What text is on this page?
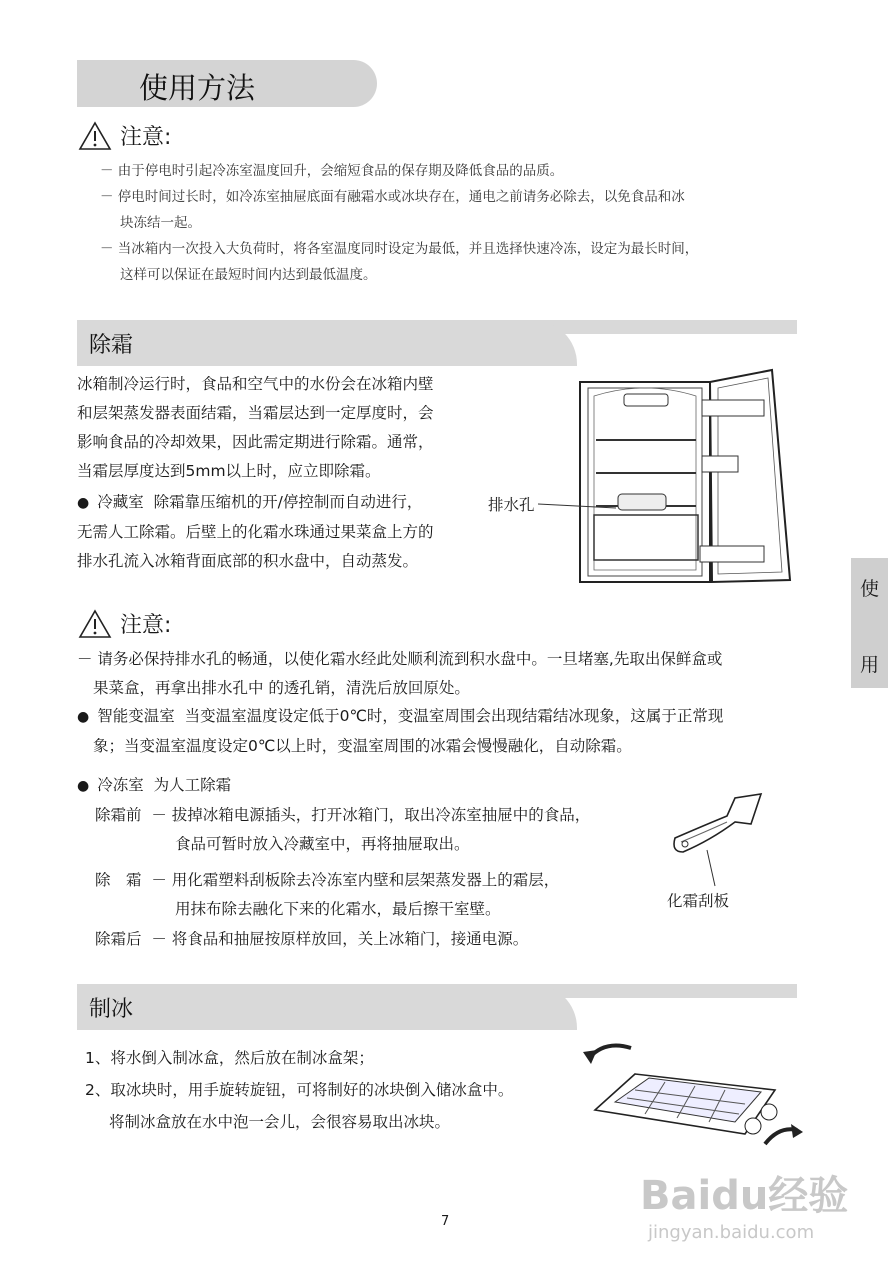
使用方法
注意:
－ 由于停电时引起冷冻室温度回升，会缩短食品的保存期及降低食品的品质。
－ 停电时间过长时，如冷冻室抽屉底面有融霜水或冰块存在，通电之前请务必除去，以免食品和冰
块冻结一起。
－ 当冰箱内一次投入大负荷时，将各室温度同时设定为最低，并且选择快速冷冻，设定为最长时间，
这样可以保证在最短时间内达到最低温度。
除霜
冰箱制冷运行时，食品和空气中的水份会在冰箱内壁
和层架蒸发器表面结霜，当霜层达到一定厚度时，会
影响食品的冷却效果，因此需定期进行除霜。通常，
当霜层厚度达到5mm以上时，应立即除霜。
● 冷藏室 除霜靠压缩机的开/停控制而自动进行，
无需人工除霜。后壁上的化霜水珠通过果菜盒上方的
排水孔流入冰箱背面底部的积水盘中，自动蒸发。
排水孔
注意:
－ 请务必保持排水孔的畅通，以使化霜水经此处顺利流到积水盘中。一旦堵塞,先取出保鲜盒或
果菜盒，再拿出排水孔中 的透孔销，清洗后放回原处。
● 智能变温室 当变温室温度设定低于0℃时，变温室周围会出现结霜结冰现象，这属于正常现
象；当变温室温度设定0℃以上时，变温室周围的冰霜会慢慢融化，自动除霜。
● 冷冻室 为人工除霜
除霜前 － 拔掉冰箱电源插头，打开冰箱门，取出冷冻室抽屉中的食品，
食品可暂时放入冷藏室中，再将抽屉取出。
除　霜 － 用化霜塑料刮板除去冷冻室内壁和层架蒸发器上的霜层，
用抹布除去融化下来的化霜水，最后擦干室壁。
除霜后 － 将食品和抽屉按原样放回，关上冰箱门，接通电源。
化霜刮板
制冰
1、将水倒入制冰盒，然后放在制冰盒架；
2、取冰块时，用手旋转旋钮，可将制好的冰块倒入储冰盒中。
将制冰盒放在水中泡一会儿，会很容易取出冰块。
使
用
7
Baidu经验
jingyan.baidu.com
